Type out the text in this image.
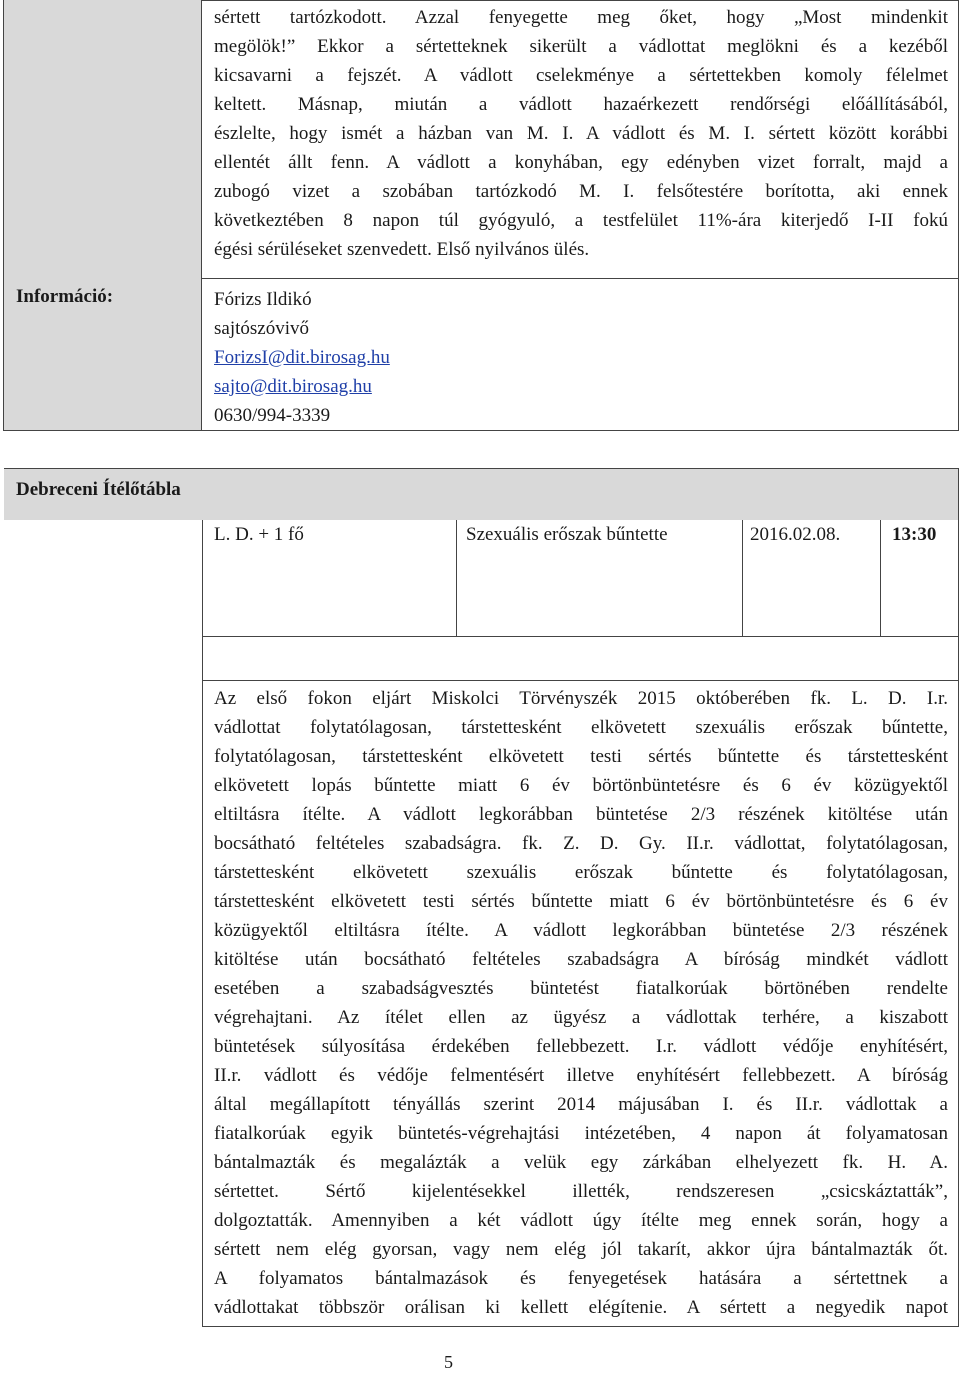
Információ:
sértett tartózkodott. Azzal fenyegette meg őket, hogy „Most mindenkit
megölök!” Ekkor a sértetteknek sikerült a vádlottat meglökni és a kezéből
kicsavarni a fejszét. A vádlott cselekménye a sértettekben komoly félelmet
keltett. Másnap, miután a vádlott hazaérkezett rendőrségi előállításából,
észlelte, hogy ismét a házban van M. I. A vádlott és M. I. sértett között korábbi
ellentét állt fenn. A vádlott a konyhában, egy edényben vizet forralt, majd a
zubogó vizet a szobában tartózkodó M. I. felsőtestére borította, aki ennek
következtében 8 napon túl gyógyuló, a testfelület 11%-ára kiterjedő I-II fokú
égési sérüléseket szenvedett. Első nyilvános ülés.
Fórizs Ildikó
sajtószóvivő
ForizsI@dit.birosag.hu
sajto@dit.birosag.hu
0630/994-3339
Debreceni Ítélőtábla
L. D. + 1 fő	Szexuális erőszak bűntette	2016.02.08.	13:30
Az első fokon eljárt Miskolci Törvényszék 2015 októberében fk. L. D. I.r.
vádlottat folytatólagosan, társtettesként elkövetett szexuális erőszak bűntette,
folytatólagosan, társtettesként elkövetett testi sértés bűntette és társtettesként
elkövetett lopás bűntette miatt 6 év börtönbüntetésre és 6 év közügyektől
eltiltásra ítélte. A vádlott legkorábban büntetése 2/3 részének kitöltése után
bocsátható feltételes szabadságra. fk. Z. D. Gy. II.r. vádlottat, folytatólagosan,
társtettesként elkövetett szexuális erőszak bűntette és folytatólagosan,
társtettesként elkövetett testi sértés bűntette miatt 6 év börtönbüntetésre és 6 év
közügyektől eltiltásra ítélte. A vádlott legkorábban büntetése 2/3 részének
kitöltése után bocsátható feltételes szabadságra A bíróság mindkét vádlott
esetében a szabadságvesztés büntetést fiatalkorúak börtönében rendelte
végrehajtani. Az ítélet ellen az ügyész a vádlottak terhére, a kiszabott
büntetések súlyosítása érdekében fellebbezett. I.r. vádlott védője enyhítésért,
II.r. vádlott és védője felmentésért illetve enyhítésért fellebbezett. A bíróság
által megállapított tényállás szerint 2014 májusában I. és II.r. vádlottak a
fiatalkorúak egyik büntetés-végrehajtási intézetében, 4 napon át folyamatosan
bántalmazták és megalázták a velük egy zárkában elhelyezett fk. H. A.
sértettet. Sértő kijelentésekkel illették, rendszeresen „csicskáztatták”,
dolgoztatták. Amennyiben a két vádlott úgy ítélte meg ennek során, hogy a
sértett nem elég gyorsan, vagy nem elég jól takarít, akkor újra bántalmazták őt.
A folyamatos bántalmazások és fenyegetések hatására a sértettnek a
vádlottakat többször orálisan ki kellett elégítenie. A sértett a negyedik napot
5
